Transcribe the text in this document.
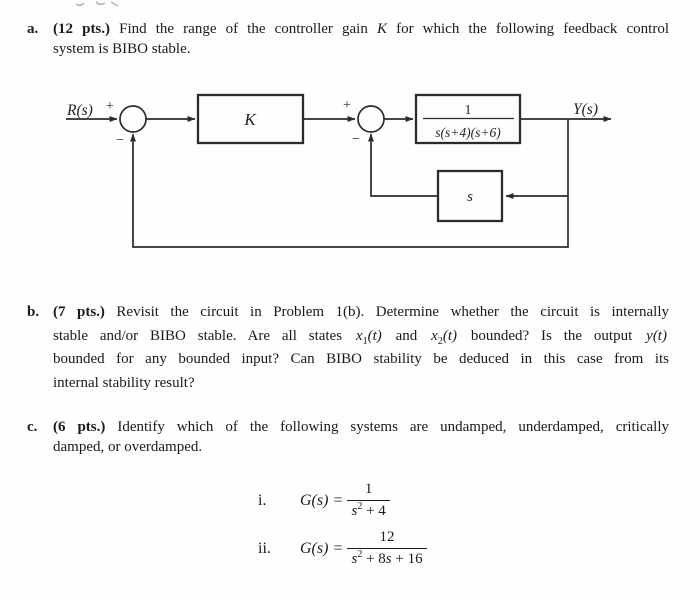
a. (12 pts.) Find the range of the controller gain K for which the following feedback control
system is BIBO stable.
R(s) +
−
K
+
−
1
s(s+4)(s+6)
Y(s)
s
b. (7 pts.) Revisit the circuit in Problem 1(b). Determine whether the circuit is internally
stable and/or BIBO stable. Are all states $x_1(t)$ and $x_2(t)$ bounded? Is the output y(t)
bounded for any bounded input? Can BIBO stability be deduced in this case from its
internal stability result?
c. (6 pts.) Identify which of the following systems are undamped, underdamped, critically
damped, or overdamped.
i.	$G(s) = \frac{1}{s^2 + 4}$
ii.	$G(s) = \frac{12}{s^2 + 8s + 16}$
